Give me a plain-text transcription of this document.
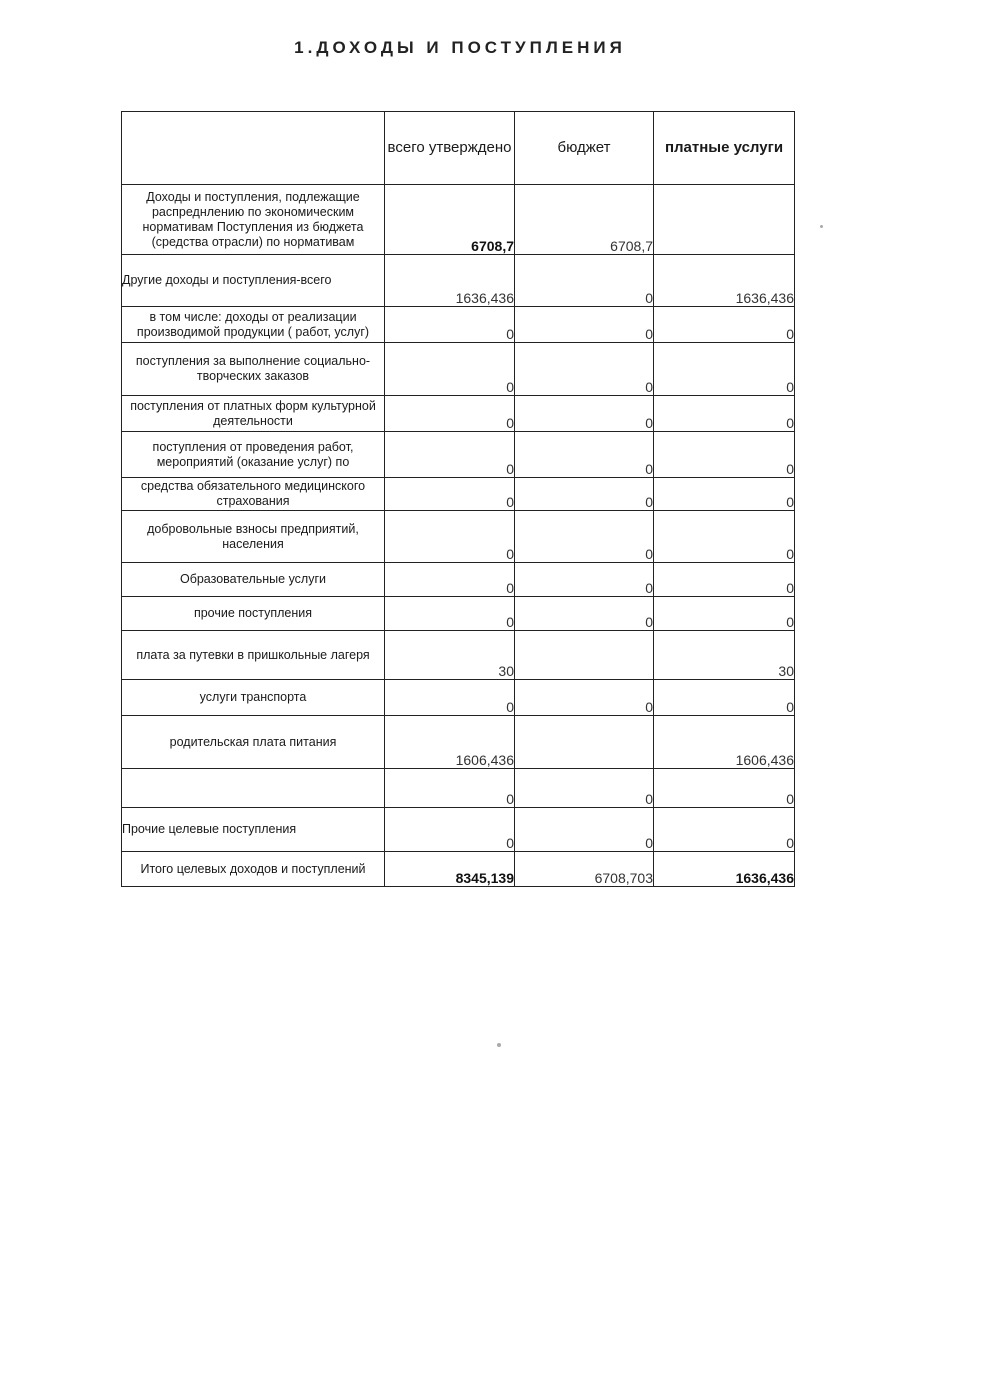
1.ДОХОДЫ И ПОСТУПЛЕНИЯ
	всего утверждено	бюджет	платные услуги
Доходы и поступления, подлежащие распреднлению по экономическим нормативам Поступления из бюджета (средства отрасли) по нормативам	6708,7	6708,7	
Другие доходы и поступления-всего	1636,436	0	1636,436
в том числе: доходы от реализации производимой продукции ( работ, услуг)	0	0	0
поступления за выполнение социально-творческих заказов	0	0	0
поступления от платных форм культурной деятельности	0	0	0
поступления от проведения работ, мероприятий (оказание услуг) по	0	0	0
средства обязательного медицинского страхования	0	0	0
добровольные взносы предприятий, населения	0	0	0
Образовательные услуги	0	0	0
прочие поступления	0	0	0
плата за путевки в пришкольные лагеря	30		30
услуги транспорта	0	0	0
родительская плата питания	1606,436		1606,436
	0	0	0
Прочие целевые поступления	0	0	0
Итого целевых доходов и поступлений	8345,139	6708,703	1636,436
